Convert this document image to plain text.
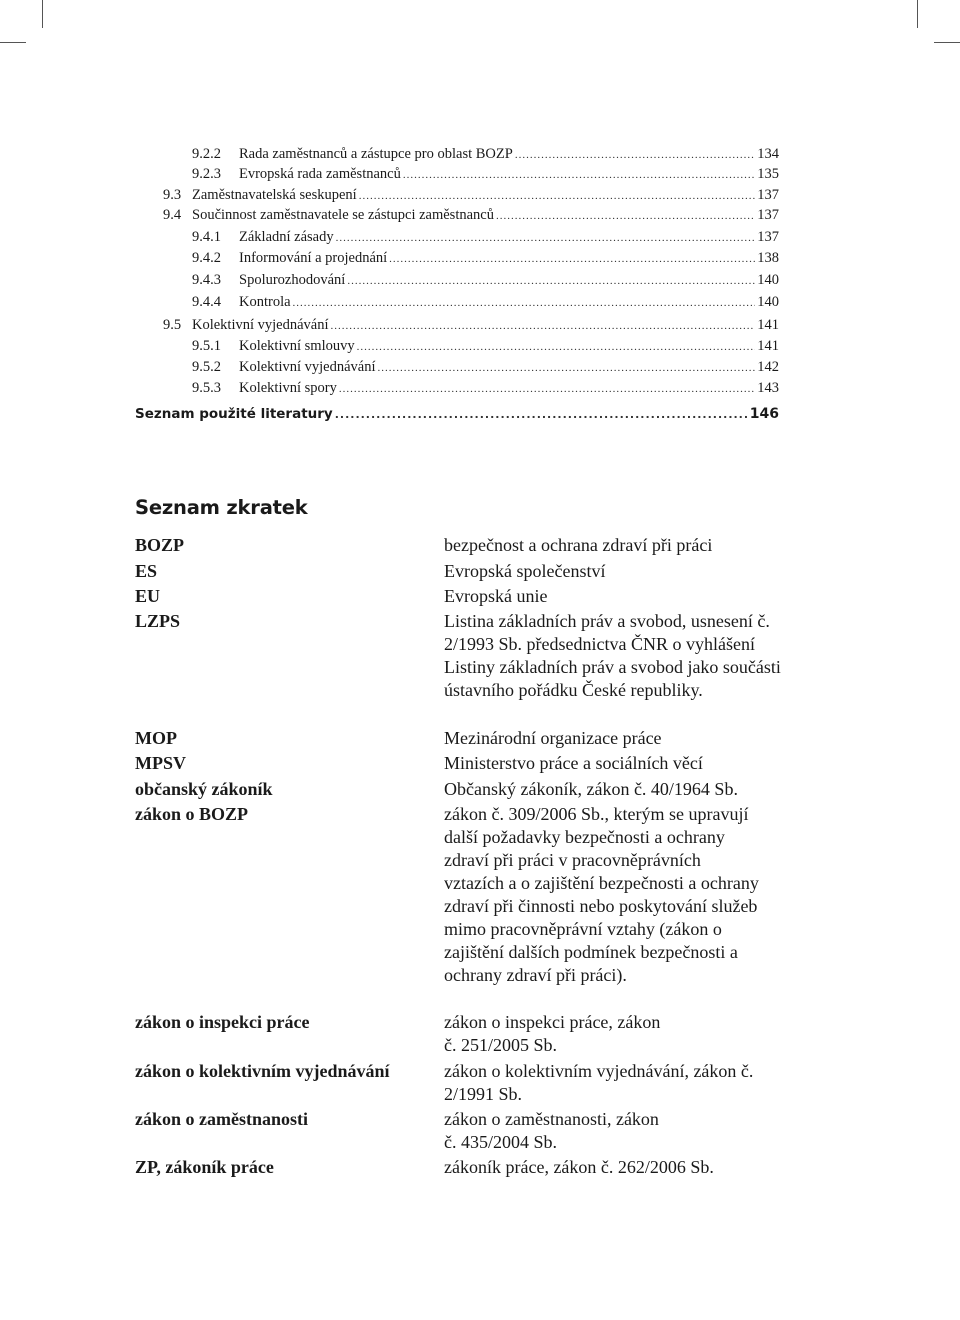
9.2.2	Rada zaměstnanců a zástupce pro oblast BOZP .....	134
9.2.3	Evropská rada zaměstnanců .....	135
9.3 Zaměstnavatelská seskupení .....	137
9.4 Součinnost zaměstnavatele se zástupci zaměstnanců .....	137
9.4.1	Základní zásady .....	137
9.4.2	Informování a projednání .....	138
9.4.3	Spolurozhodování .....	140
9.4.4	Kontrola .....	140
9.5 Kolektivní vyjednávání .....	141
9.5.1	Kolektivní smlouvy .....	141
9.5.2	Kolektivní vyjednávání .....	142
9.5.3	Kolektivní spory .....	143
Seznam použité literatury .....	146
Seznam zkratek
BOZP	bezpečnost a ochrana zdraví při práci
ES	Evropská společenství
EU	Evropská unie
LZPS	Listina základních práv a svobod, usnesení č. 2/1993 Sb. předsednictva ČNR o vyhlášení Listiny základních práv a svobod jako součásti ústavního pořádku České republiky.
MOP	Mezinárodní organizace práce
MPSV	Ministerstvo práce a sociálních věcí
občanský zákoník	Občanský zákoník, zákon č. 40/1964 Sb.
zákon o BOZP	zákon č. 309/2006 Sb., kterým se upravují další požadavky bezpečnosti a ochrany zdraví při práci v pracovněprávních vztazích a o zajištění bezpečnosti a ochrany zdraví při činnosti nebo poskytování služeb mimo pracovněprávní vztahy (zákon o zajištění dalších podmínek bezpečnosti a ochrany zdraví při práci).
zákon o inspekci práce	zákon o inspekci práce, zákon č. 251/2005 Sb.
zákon o kolektivním vyjednávání	zákon o kolektivním vyjednávání, zákon č. 2/1991 Sb.
zákon o zaměstnanosti	zákon o zaměstnanosti, zákon č. 435/2004 Sb.
ZP, zákoník práce	zákoník práce, zákon č. 262/2006 Sb.
